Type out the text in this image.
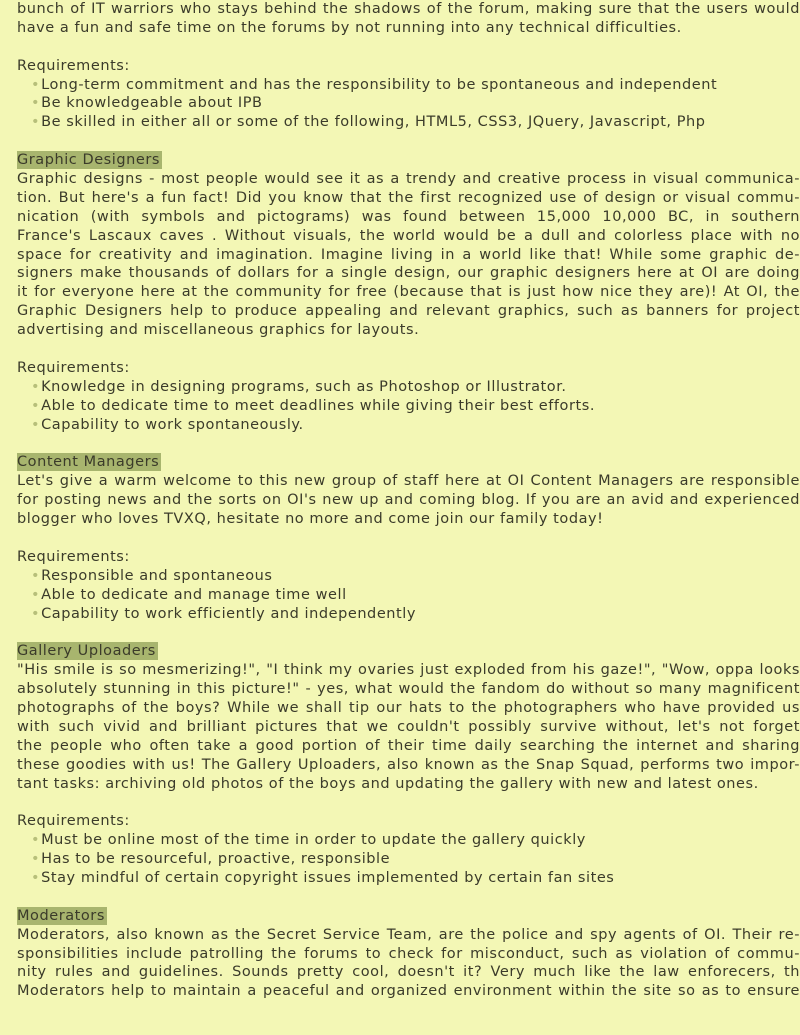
bunch of IT warriors who stays behind the shadows of the forum, making sure that the users would
have a fun and safe time on the forums by not running into any technical difficulties.
Requirements:
•Long-term commitment and has the responsibility to be spontaneous and independent
•Be knowledgeable about IPB
•Be skilled in either all or some of the following, HTML5, CSS3, JQuery, Javascript, Php
Graphic Designers
Graphic designs - most people would see it as a trendy and creative process in visual communica-
tion. But here's a fun fact! Did you know that the first recognized use of design or visual commu-
nication (with symbols and pictograms) was found between 15,000 10,000 BC, in southern
France's Lascaux caves . Without visuals, the world would be a dull and colorless place with no
space for creativity and imagination. Imagine living in a world like that! While some graphic de-
signers make thousands of dollars for a single design, our graphic designers here at OI are doing
it for everyone here at the community for free (because that is just how nice they are)! At OI, the
Graphic Designers help to produce appealing and relevant graphics, such as banners for project
advertising and miscellaneous graphics for layouts.
Requirements:
•Knowledge in designing programs, such as Photoshop or Illustrator.
•Able to dedicate time to meet deadlines while giving their best efforts.
•Capability to work spontaneously.
Content Managers
Let's give a warm welcome to this new group of staff here at OI Content Managers are responsible
for posting news and the sorts on OI's new up and coming blog. If you are an avid and experienced
blogger who loves TVXQ, hesitate no more and come join our family today!
Requirements:
•Responsible and spontaneous
•Able to dedicate and manage time well
•Capability to work efficiently and independently
Gallery Uploaders
"His smile is so mesmerizing!", "I think my ovaries just exploded from his gaze!", "Wow, oppa looks
absolutely stunning in this picture!" - yes, what would the fandom do without so many magnificent
photographs of the boys? While we shall tip our hats to the photographers who have provided us
with such vivid and brilliant pictures that we couldn't possibly survive without, let's not forget
the people who often take a good portion of their time daily searching the internet and sharing
these goodies with us! The Gallery Uploaders, also known as the Snap Squad, performs two impor-
tant tasks: archiving old photos of the boys and updating the gallery with new and latest ones.
Requirements:
•Must be online most of the time in order to update the gallery quickly
•Has to be resourceful, proactive, responsible
•Stay mindful of certain copyright issues implemented by certain fan sites
Moderators
Moderators, also known as the Secret Service Team, are the police and spy agents of OI. Their re-
sponsibilities include patrolling the forums to check for misconduct, such as violation of commu-
nity rules and guidelines. Sounds pretty cool, doesn't it? Very much like the law enforecers, th
Moderators help to maintain a peaceful and organized environment within the site so as to ensure
